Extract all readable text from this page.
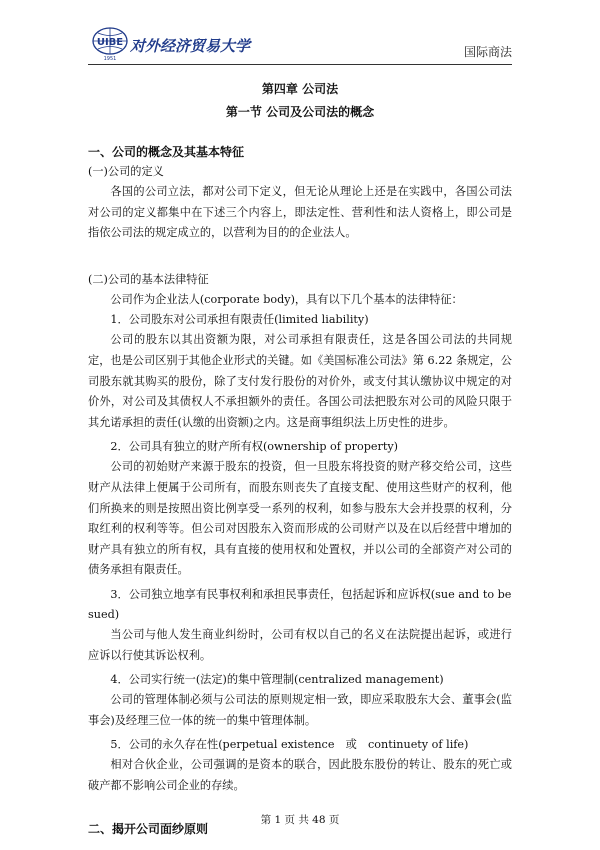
UIBE
1951
对外经济贸易大学	国际商法
第四章 公司法
第一节 公司及公司法的概念
一、公司的概念及其基本特征
(一)公司的定义

各国的公司立法，都对公司下定义，但无论从理论上还是在实践中，各国公司法对公司的定义都集中在下述三个内容上，即法定性、营利性和法人资格上，即公司是指依公司法的规定成立的，以营利为目的的企业法人。

(二)公司的基本法律特征

公司作为企业法人(corporate body)，具有以下几个基本的法律特征：

1．公司股东对公司承担有限责任(limited liability)

公司的股东以其出资额为限，对公司承担有限责任，这是各国公司法的共同规定，也是公司区别于其他企业形式的关键。如《美国标准公司法》第 6.22 条规定，公司股东就其购买的股份，除了支付发行股份的对价外，或支付其认缴协议中规定的对价外，对公司及其债权人不承担额外的责任。各国公司法把股东对公司的风险只限于其允诺承担的责任(认缴的出资额)之内。这是商事组织法上历史性的进步。

2．公司具有独立的财产所有权(ownership of property)

公司的初始财产来源于股东的投资，但一旦股东将投资的财产移交给公司，这些财产从法律上便属于公司所有，而股东则丧失了直接支配、使用这些财产的权利，他们所换来的则是按照出资比例享受一系列的权利，如参与股东大会并投票的权利，分取红利的权利等等。但公司对因股东入资而形成的公司财产以及在以后经营中增加的财产具有独立的所有权，具有直接的使用权和处置权，并以公司的全部资产对公司的债务承担有限责任。

3．公司独立地享有民事权利和承担民事责任，包括起诉和应诉权(sue and to be sued)

当公司与他人发生商业纠纷时，公司有权以自己的名义在法院提出起诉，或进行应诉以行使其诉讼权利。

4．公司实行统一(法定)的集中管理制(centralized management)

公司的管理体制必须与公司法的原则规定相一致，即应采取股东大会、董事会(监事会)及经理三位一体的统一的集中管理体制。

5．公司的永久存在性(perpetual existence　或　continuety of life)

相对合伙企业，公司强调的是资本的联合，因此股东股份的转让、股东的死亡或破产都不影响公司企业的存续。

二、揭开公司面纱原则
第 1 页 共 48 页
